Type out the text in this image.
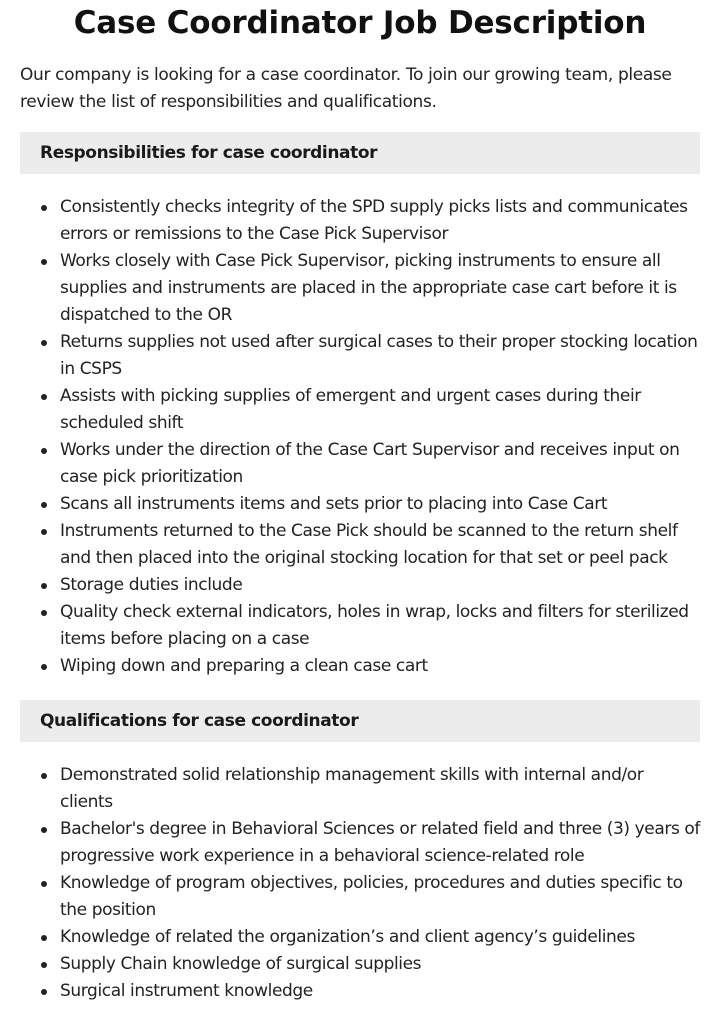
Case Coordinator Job Description

Our company is looking for a case coordinator. To join our growing team, please review the list of responsibilities and qualifications.

Responsibilities for case coordinator
Consistently checks integrity of the SPD supply picks lists and communicates errors or remissions to the Case Pick Supervisor
Works closely with Case Pick Supervisor, picking instruments to ensure all supplies and instruments are placed in the appropriate case cart before it is dispatched to the OR
Returns supplies not used after surgical cases to their proper stocking location in CSPS
Assists with picking supplies of emergent and urgent cases during their scheduled shift
Works under the direction of the Case Cart Supervisor and receives input on case pick prioritization
Scans all instruments items and sets prior to placing into Case Cart
Instruments returned to the Case Pick should be scanned to the return shelf and then placed into the original stocking location for that set or peel pack
Storage duties include
Quality check external indicators, holes in wrap, locks and filters for sterilized items before placing on a case
Wiping down and preparing a clean case cart
Qualifications for case coordinator
Demonstrated solid relationship management skills with internal and/or clients
Bachelor's degree in Behavioral Sciences or related field and three (3) years of progressive work experience in a behavioral science-related role
Knowledge of program objectives, policies, procedures and duties specific to the position
Knowledge of related the organization’s and client agency’s guidelines
Supply Chain knowledge of surgical supplies
Surgical instrument knowledge
